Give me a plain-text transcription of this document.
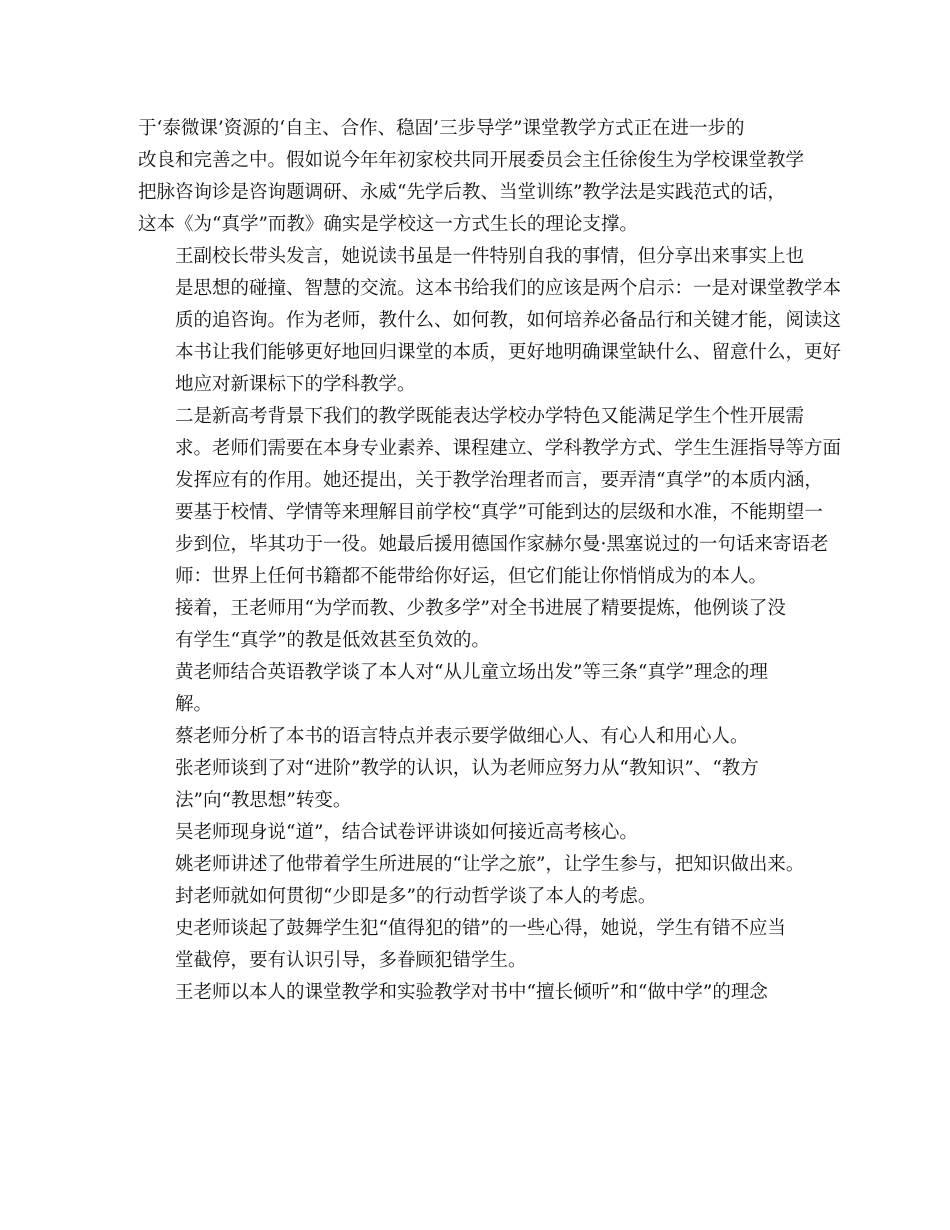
于‘泰微课’资源的‘自主、合作、稳固’三步导学”课堂教学方式正在进一步的
改良和完善之中。假如说今年年初家校共同开展委员会主任徐俊生为学校课堂教学
把脉咨询诊是咨询题调研、永威“先学后教、当堂训练”教学法是实践范式的话，
这本《为“真学”而教》确实是学校这一方式生长的理论支撑。
王副校长带头发言，她说读书虽是一件特别自我的事情，但分享出来事实上也
是思想的碰撞、智慧的交流。这本书给我们的应该是两个启示：一是对课堂教学本
质的追咨询。作为老师，教什么、如何教，如何培养必备品行和关键才能，阅读这
本书让我们能够更好地回归课堂的本质，更好地明确课堂缺什么、留意什么，更好
地应对新课标下的学科教学。
二是新高考背景下我们的教学既能表达学校办学特色又能满足学生个性开展需
求。老师们需要在本身专业素养、课程建立、学科教学方式、学生生涯指导等方面
发挥应有的作用。她还提出，关于教学治理者而言，要弄清“真学”的本质内涵，
要基于校情、学情等来理解目前学校“真学”可能到达的层级和水准，不能期望一
步到位，毕其功于一役。她最后援用德国作家赫尔曼·黑塞说过的一句话来寄语老
师：世界上任何书籍都不能带给你好运，但它们能让你悄悄成为的本人。
接着，王老师用“为学而教、少教多学”对全书进展了精要提炼，他例谈了没
有学生“真学”的教是低效甚至负效的。
黄老师结合英语教学谈了本人对“从儿童立场出发”等三条“真学”理念的理
解。
蔡老师分析了本书的语言特点并表示要学做细心人、有心人和用心人。
张老师谈到了对“进阶”教学的认识，认为老师应努力从“教知识”、“教方
法”向“教思想”转变。
吴老师现身说“道”，结合试卷评讲谈如何接近高考核心。
姚老师讲述了他带着学生所进展的“让学之旅”，让学生参与，把知识做出来。
封老师就如何贯彻“少即是多”的行动哲学谈了本人的考虑。
史老师谈起了鼓舞学生犯“值得犯的错”的一些心得，她说，学生有错不应当
堂截停，要有认识引导，多眷顾犯错学生。
王老师以本人的课堂教学和实验教学对书中“擅长倾听”和“做中学”的理念
